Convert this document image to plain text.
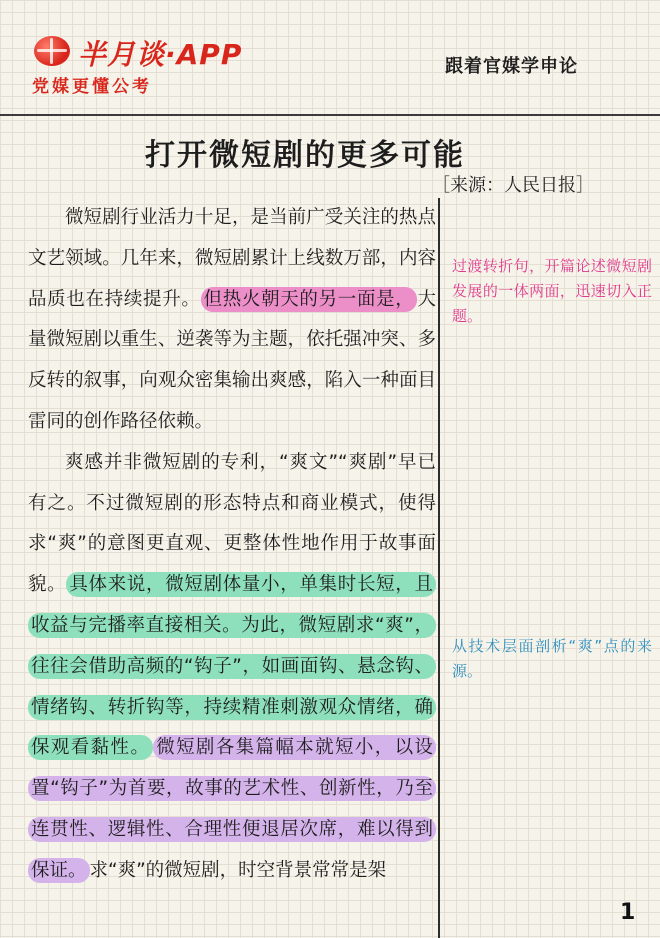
半月谈·APP
党媒更懂公考
跟着官媒学申论
打开微短剧的更多可能
［来源：人民日报］

微短剧行业活力十足，是当前广受关注的热点文艺领域。几年来，微短剧累计上线数万部，内容品质也在持续提升。 但热火朝天的另一面是， 大量微短剧以重生、逆袭等为主题，依托强冲突、多反转的叙事，向观众密集输出爽感，陷入一种面目雷同的创作路径依赖。

爽感并非微短剧的专利，“爽文”“爽剧”早已有之。不过微短剧的形态特点和商业模式，使得求“爽”的意图更直观、更整体性地作用于故事面貌。 具体来说，微短剧体量小，单集时长短，且收益与完播率直接相关。为此，微短剧求“爽”，往往会借助高频的“钩子”，如画面钩、悬念钩、情绪钩、转折钩等，持续精准刺激观众情绪，确保观看黏性。 微短剧各集篇幅本就短小，以设置“钩子”为首要，故事的艺术性、创新性，乃至连贯性、逻辑性、合理性便退居次席，难以得到保证。 求“爽”的微短剧，时空背景常常是架

过渡转折句，开篇论述微短剧发展的一体两面，迅速切入正题。
从技术层面剖析“爽”点的来源。
1
